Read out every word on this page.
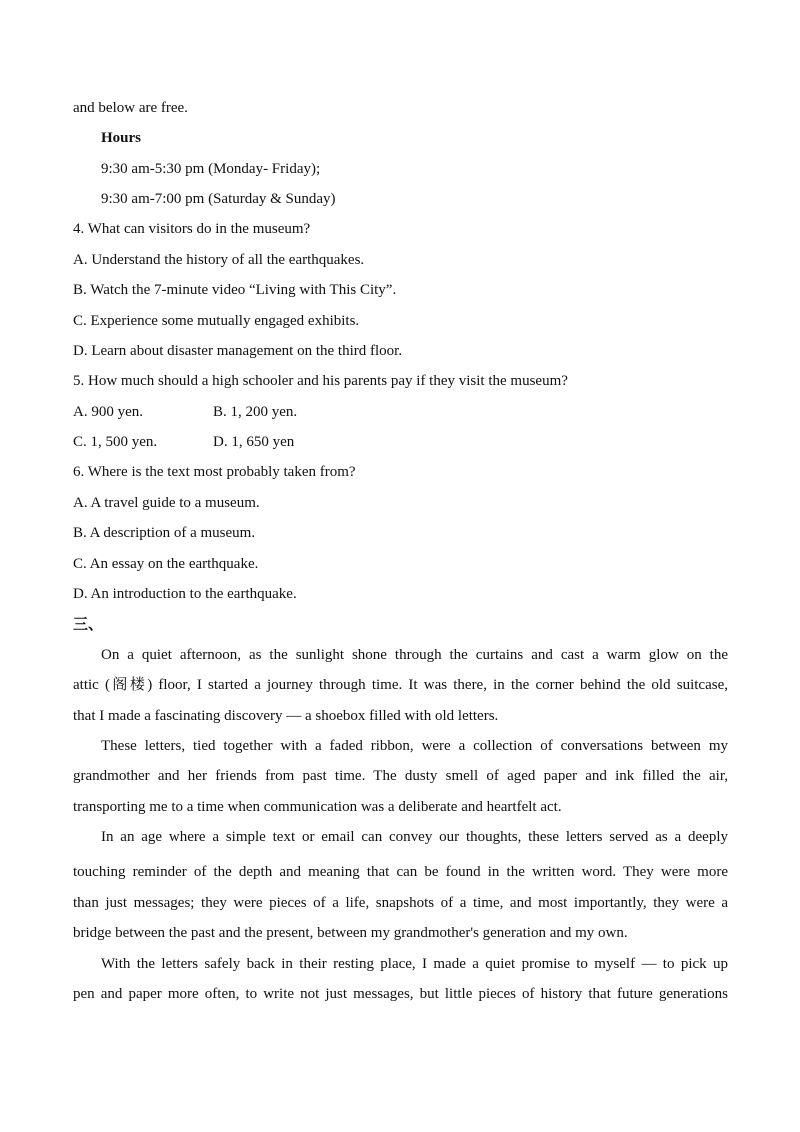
and below are free.
Hours
9:30 am-5:30 pm (Monday- Friday);
9:30 am-7:00 pm (Saturday & Sunday)
4. What can visitors do in the museum?
A. Understand the history of all the earthquakes.
B. Watch the 7-minute video “Living with This City”.
C. Experience some mutually engaged exhibits.
D. Learn about disaster management on the third floor.
5. How much should a high schooler and his parents pay if they visit the museum?
A. 900 yen.	B. 1, 200 yen.
C. 1, 500 yen.	D. 1, 650 yen
6. Where is the text most probably taken from?
A. A travel guide to a museum.
B. A description of a museum.
C. An essay on the earthquake.
D. An introduction to the earthquake.
三、
On a quiet afternoon, as the sunlight shone through the curtains and cast a warm glow on the
attic (阁楼) floor, I started a journey through time. It was there, in the corner behind the old suitcase,
that I made a fascinating discovery — a shoebox filled with old letters.
These letters, tied together with a faded ribbon, were a collection of conversations between my
grandmother and her friends from past time. The dusty smell of aged paper and ink filled the air,
transporting me to a time when communication was a deliberate and heartfelt act.
In an age where a simple text or email can convey our thoughts, these letters served as a deeply
touching reminder of the depth and meaning that can be found in the written word. They were more
than just messages; they were pieces of a life, snapshots of a time, and most importantly, they were a
bridge between the past and the present, between my grandmother's generation and my own.
With the letters safely back in their resting place, I made a quiet promise to myself — to pick up
pen and paper more often, to write not just messages, but little pieces of history that future generations
